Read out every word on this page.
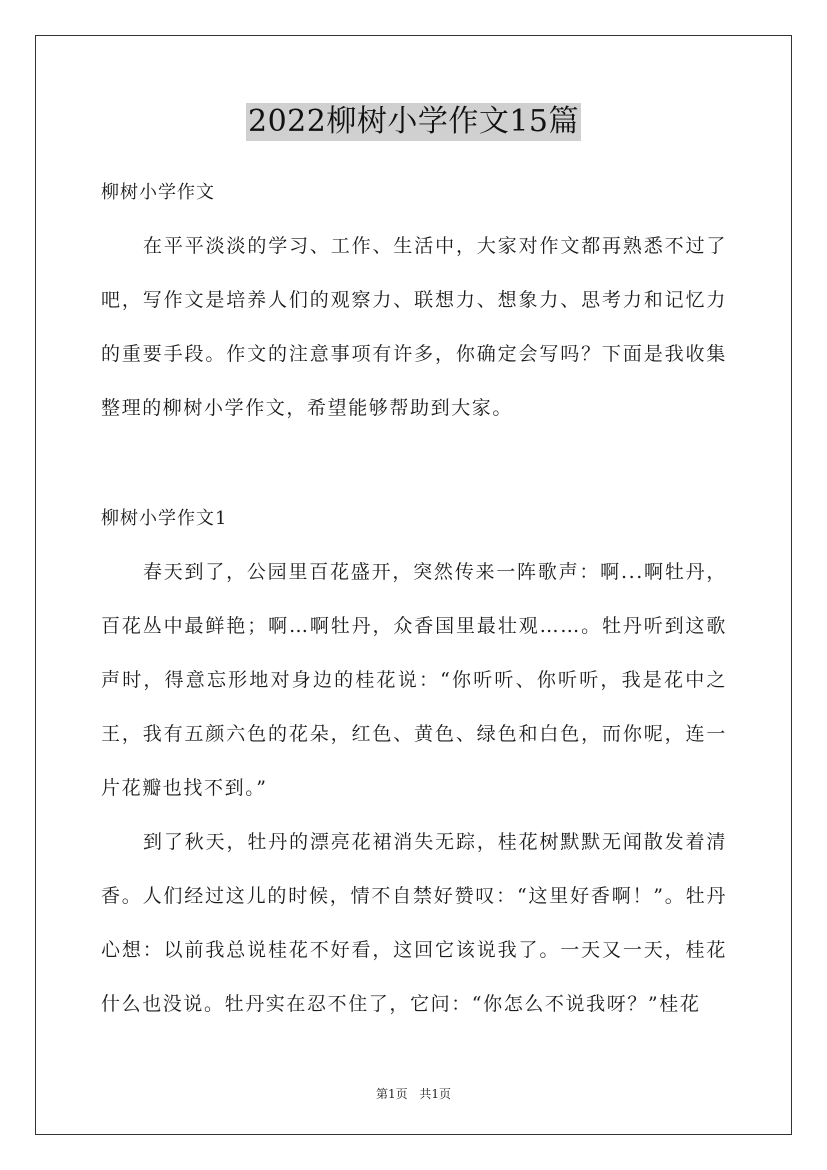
2022柳树小学作文15篇
柳树小学作文

在平平淡淡的学习、工作、生活中，大家对作文都再熟悉不过了吧，写作文是培养人们的观察力、联想力、想象力、思考力和记忆力的重要手段。作文的注意事项有许多，你确定会写吗？下面是我收集整理的柳树小学作文，希望能够帮助到大家。

柳树小学作文1

春天到了，公园里百花盛开，突然传来一阵歌声：啊...啊牡丹，百花丛中最鲜艳；啊…啊牡丹，众香国里最壮观……。牡丹听到这歌声时，得意忘形地对身边的桂花说：“你听听、你听听，我是花中之王，我有五颜六色的花朵，红色、黄色、绿色和白色，而你呢，连一片花瓣也找不到。”

到了秋天，牡丹的漂亮花裙消失无踪，桂花树默默无闻散发着清香。人们经过这儿的时候，情不自禁好赞叹：“这里好香啊！”。牡丹心想：以前我总说桂花不好看，这回它该说我了。一天又一天，桂花什么也没说。牡丹实在忍不住了，它问：“你怎么不说我呀？”桂花

第1页 共1页
